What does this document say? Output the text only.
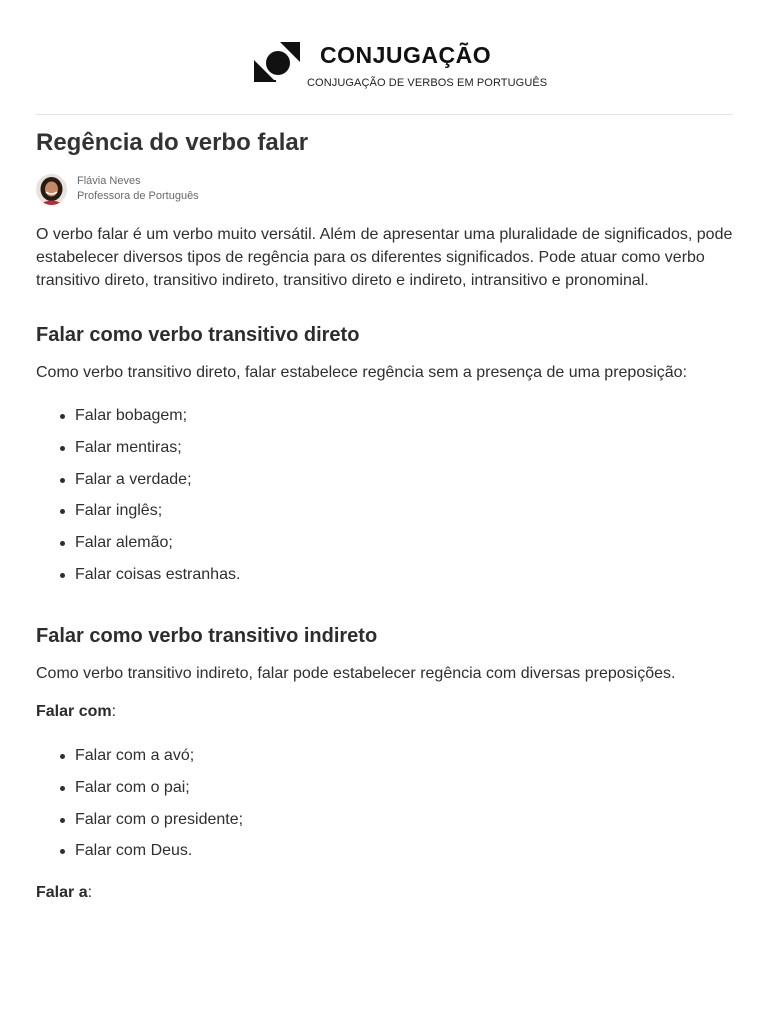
CONJUGAÇÃO
CONJUGAÇÃO DE VERBOS EM PORTUGUÊS
Regência do verbo falar
Flávia Neves
Professora de Português

O verbo falar é um verbo muito versátil. Além de apresentar uma pluralidade de significados, pode estabelecer diversos tipos de regência para os diferentes significados. Pode atuar como verbo transitivo direto, transitivo indireto, transitivo direto e indireto, intransitivo e pronominal.

Falar como verbo transitivo direto

Como verbo transitivo direto, falar estabelece regência sem a presença de uma preposição:

Falar bobagem;
Falar mentiras;
Falar a verdade;
Falar inglês;
Falar alemão;
Falar coisas estranhas.
Falar como verbo transitivo indireto

Como verbo transitivo indireto, falar pode estabelecer regência com diversas preposições.

Falar com:
Falar com a avó;
Falar com o pai;
Falar com o presidente;
Falar com Deus.
Falar a:
